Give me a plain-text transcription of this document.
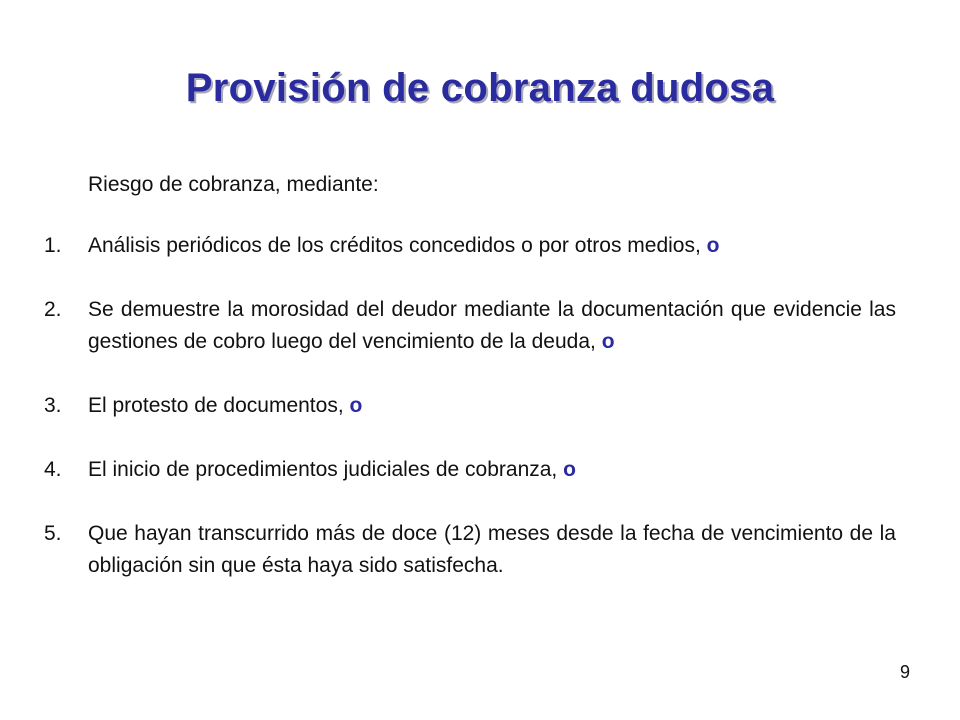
Provisión de cobranza dudosa
Riesgo de cobranza, mediante:
1.	Análisis periódicos de los créditos concedidos o por otros medios, o
2.	Se demuestre la morosidad del deudor mediante la documentación que evidencie las gestiones de cobro luego del vencimiento de la deuda, o
3.	El protesto de documentos, o
4.	El inicio de procedimientos judiciales de cobranza, o
5.	Que hayan transcurrido más de doce (12) meses desde la fecha de vencimiento de la obligación sin que ésta haya sido satisfecha.
9
